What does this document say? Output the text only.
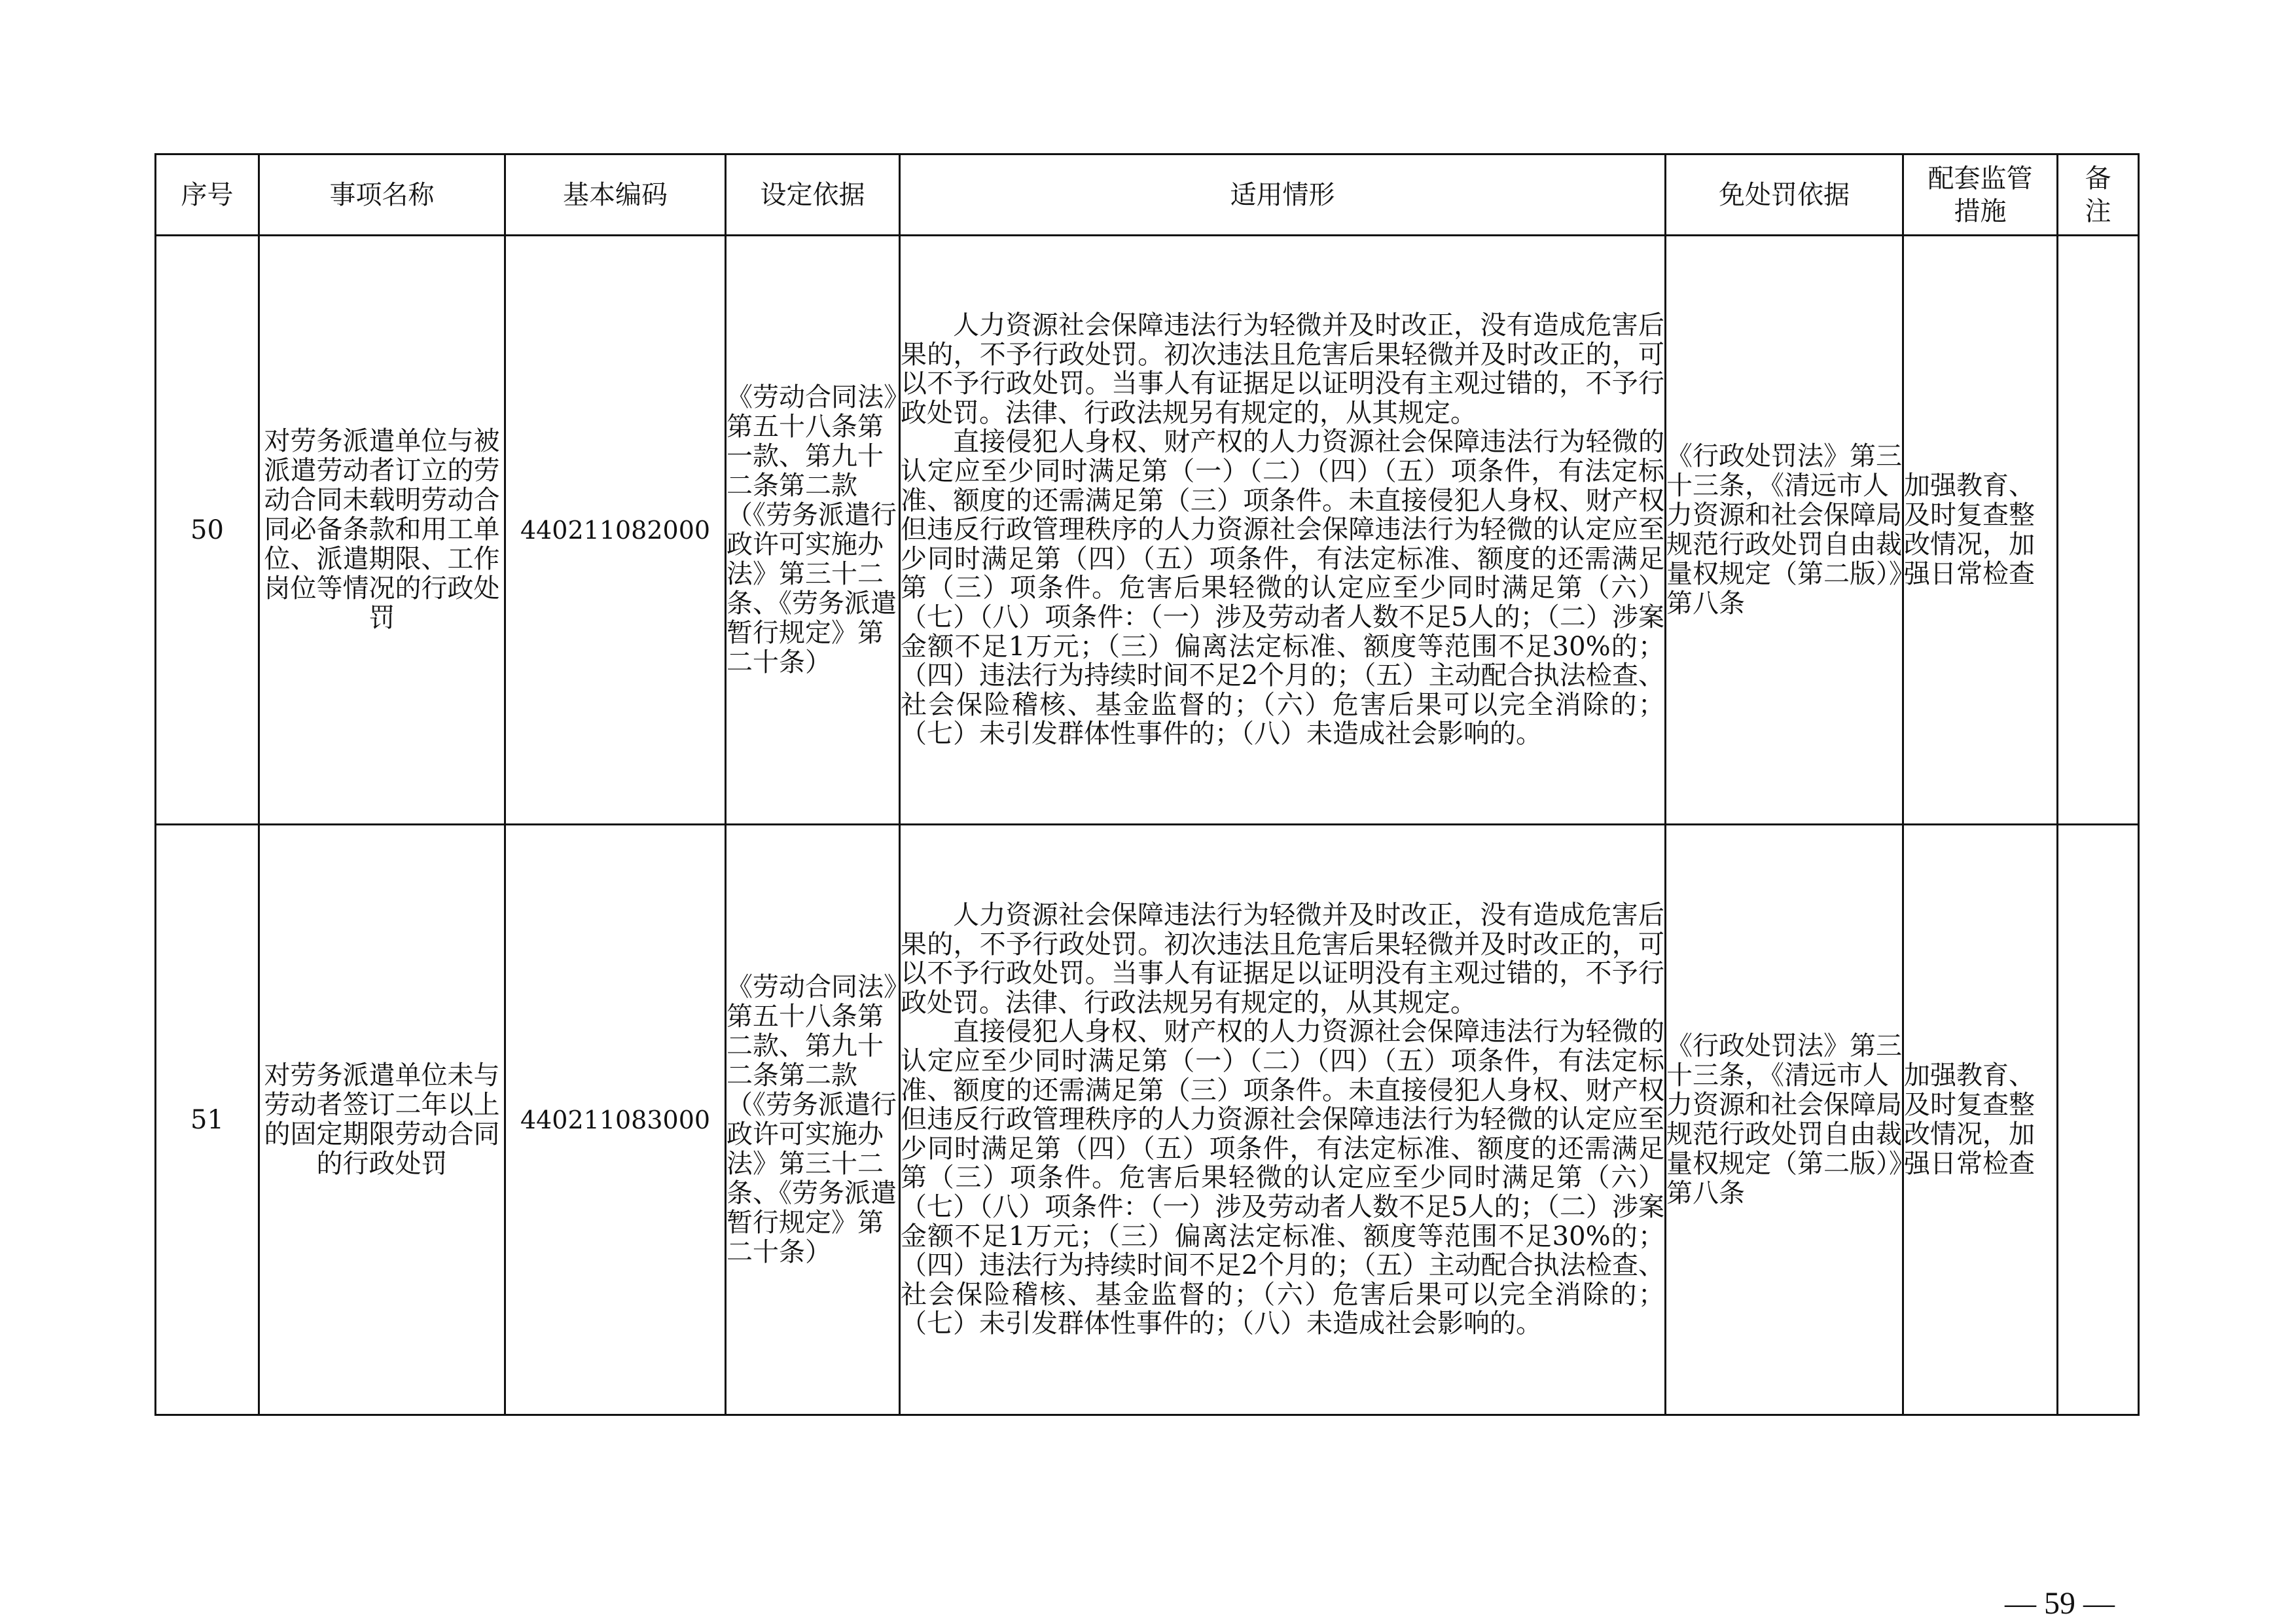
序号	事项名称	基本编码	设定依据	适用情形	免处罚依据	配套监管措施	备注
50	对劳务派遣单位与被派遣劳动者订立的劳动合同未载明劳动合同必备条款和用工单位、派遣期限、工作岗位等情况的行政处罚	440211082000	《劳动合同法》第五十八条第一款、第九十二条第二款（《劳务派遣行政许可实施办法》第三十二条、《劳务派遣暂行规定》第二十条）	人力资源社会保障违法行为轻微并及时改正，没有造成危害后果的，不予行政处罚。初次违法且危害后果轻微并及时改正的，可以不予行政处罚。当事人有证据足以证明没有主观过错的，不予行政处罚。法律、行政法规另有规定的，从其规定。

直接侵犯人身权、财产权的人力资源社会保障违法行为轻微的认定应至少同时满足第（一）（二）（四）（五）项条件，有法定标准、额度的还需满足第（三）项条件。未直接侵犯人身权、财产权但违反行政管理秩序的人力资源社会保障违法行为轻微的认定应至少同时满足第（四）（五）项条件，有法定标准、额度的还需满足第（三）项条件。危害后果轻微的认定应至少同时满足第（六）（七）（八）项条件：（一）涉及劳动者人数不足5人的；（二）涉案金额不足1万元；（三）偏离法定标准、额度等范围不足30%的；（四）违法行为持续时间不足2个月的；（五）主动配合执法检查、社会保险稽核、基金监督的；（六）危害后果可以完全消除的；（七）未引发群体性事件的；（八）未造成社会影响的。	《行政处罚法》第三十三条，《清远市人力资源和社会保障局规范行政处罚自由裁量权规定（第二版）》第八条	加强教育、及时复查整改情况，加强日常检查	
51	对劳务派遣单位未与劳动者签订二年以上的固定期限劳动合同的行政处罚	440211083000	《劳动合同法》第五十八条第二款、第九十二条第二款（《劳务派遣行政许可实施办法》第三十二条、《劳务派遣暂行规定》第二十条）	人力资源社会保障违法行为轻微并及时改正，没有造成危害后果的，不予行政处罚。初次违法且危害后果轻微并及时改正的，可以不予行政处罚。当事人有证据足以证明没有主观过错的，不予行政处罚。法律、行政法规另有规定的，从其规定。

直接侵犯人身权、财产权的人力资源社会保障违法行为轻微的认定应至少同时满足第（一）（二）（四）（五）项条件，有法定标准、额度的还需满足第（三）项条件。未直接侵犯人身权、财产权但违反行政管理秩序的人力资源社会保障违法行为轻微的认定应至少同时满足第（四）（五）项条件，有法定标准、额度的还需满足第（三）项条件。危害后果轻微的认定应至少同时满足第（六）（七）（八）项条件：（一）涉及劳动者人数不足5人的；（二）涉案金额不足1万元；（三）偏离法定标准、额度等范围不足30%的；（四）违法行为持续时间不足2个月的；（五）主动配合执法检查、社会保险稽核、基金监督的；（六）危害后果可以完全消除的；（七）未引发群体性事件的；（八）未造成社会影响的。	《行政处罚法》第三十三条，《清远市人力资源和社会保障局规范行政处罚自由裁量权规定（第二版）》第八条	加强教育、及时复查整改情况，加强日常检查	
— 59 —
